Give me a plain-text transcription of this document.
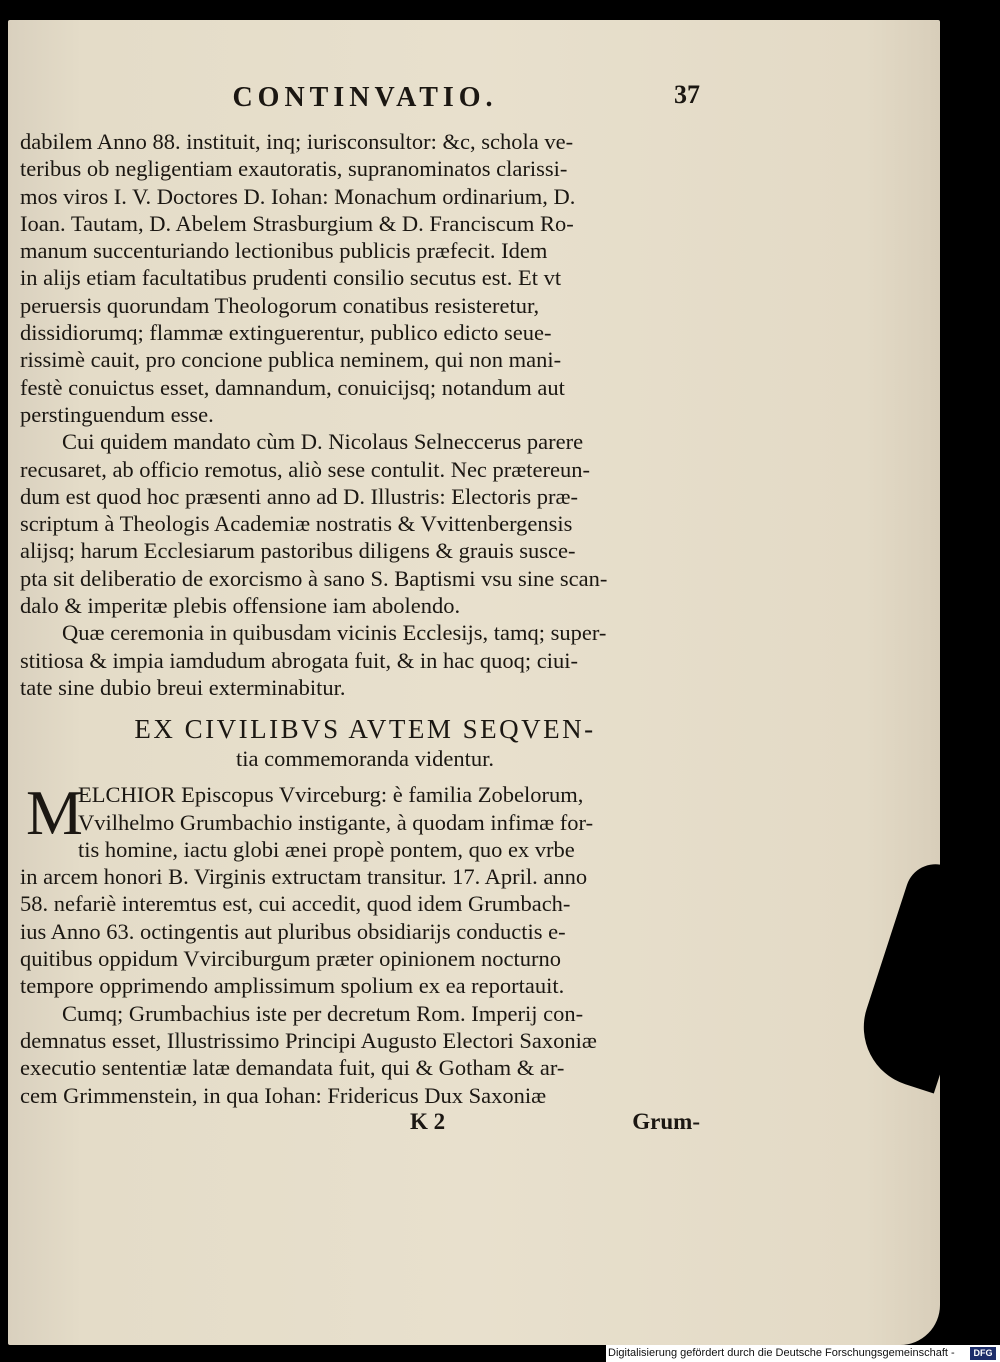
CONTINVATIO.	37
dabilem Anno 88. instituit, inq; iurisconsultor: &c, schola ve-
teribus ob negligentiam exautoratis, supranominatos clarissi-
mos viros I. V. Doctores D. Iohan: Monachum ordinarium, D.
Ioan. Tautam, D. Abelem Strasburgium & D. Franciscum Ro-
manum succenturiando lectionibus publicis præfecit. Idem
in alijs etiam facultatibus prudenti consilio secutus est. Et vt
peruersis quorundam Theologorum conatibus resisteretur,
dissidiorumq; flammæ extinguerentur, publico edicto seue-
rissimè cauit, pro concione publica neminem, qui non mani-
festè conuictus esset, damnandum, conuicijsq; notandum aut
perstinguendum esse.
Cui quidem mandato cùm D. Nicolaus Selneccerus parere
recusaret, ab officio remotus, aliò sese contulit. Nec prætereun-
dum est quod hoc præsenti anno ad D. Illustris: Electoris præ-
scriptum à Theologis Academiæ nostratis & Vvittenbergensis
alijsq; harum Ecclesiarum pastoribus diligens & grauis susce-
pta sit deliberatio de exorcismo à sano S. Baptismi vsu sine scan-
dalo & imperitæ plebis offensione iam abolendo.
Quæ ceremonia in quibusdam vicinis Ecclesijs, tamq; super-
stitiosa & impia iamdudum abrogata fuit, & in hac quoq; ciui-
tate sine dubio breui exterminabitur.
EX CIVILIBVS AVTEM SEQVEN-
tia commemoranda videntur.
M
ELCHIOR Episcopus Vvirceburg: è familia Zobelorum,
Vvilhelmo Grumbachio instigante, à quodam infimæ for-
tis homine, iactu globi ænei propè pontem, quo ex vrbe
in arcem honori B. Virginis extructam transitur. 17. April. anno
58. nefariè interemtus est, cui accedit, quod idem Grumbach-
ius Anno 63. octingentis aut pluribus obsidiarijs conductis e-
quitibus oppidum Vvirciburgum præter opinionem nocturno
tempore opprimendo amplissimum spolium ex ea reportauit.
Cumq; Grumbachius iste per decretum Rom. Imperij con-
demnatus esset, Illustrissimo Principi Augusto Electori Saxoniæ
executio sententiæ latæ demandata fuit, qui & Gotham & ar-
cem Grimmenstein, in qua Iohan: Fridericus Dux Saxoniæ
K 2	Grum-
Digitalisierung gefördert durch die Deutsche Forschungsgemeinschaft -	DFG
